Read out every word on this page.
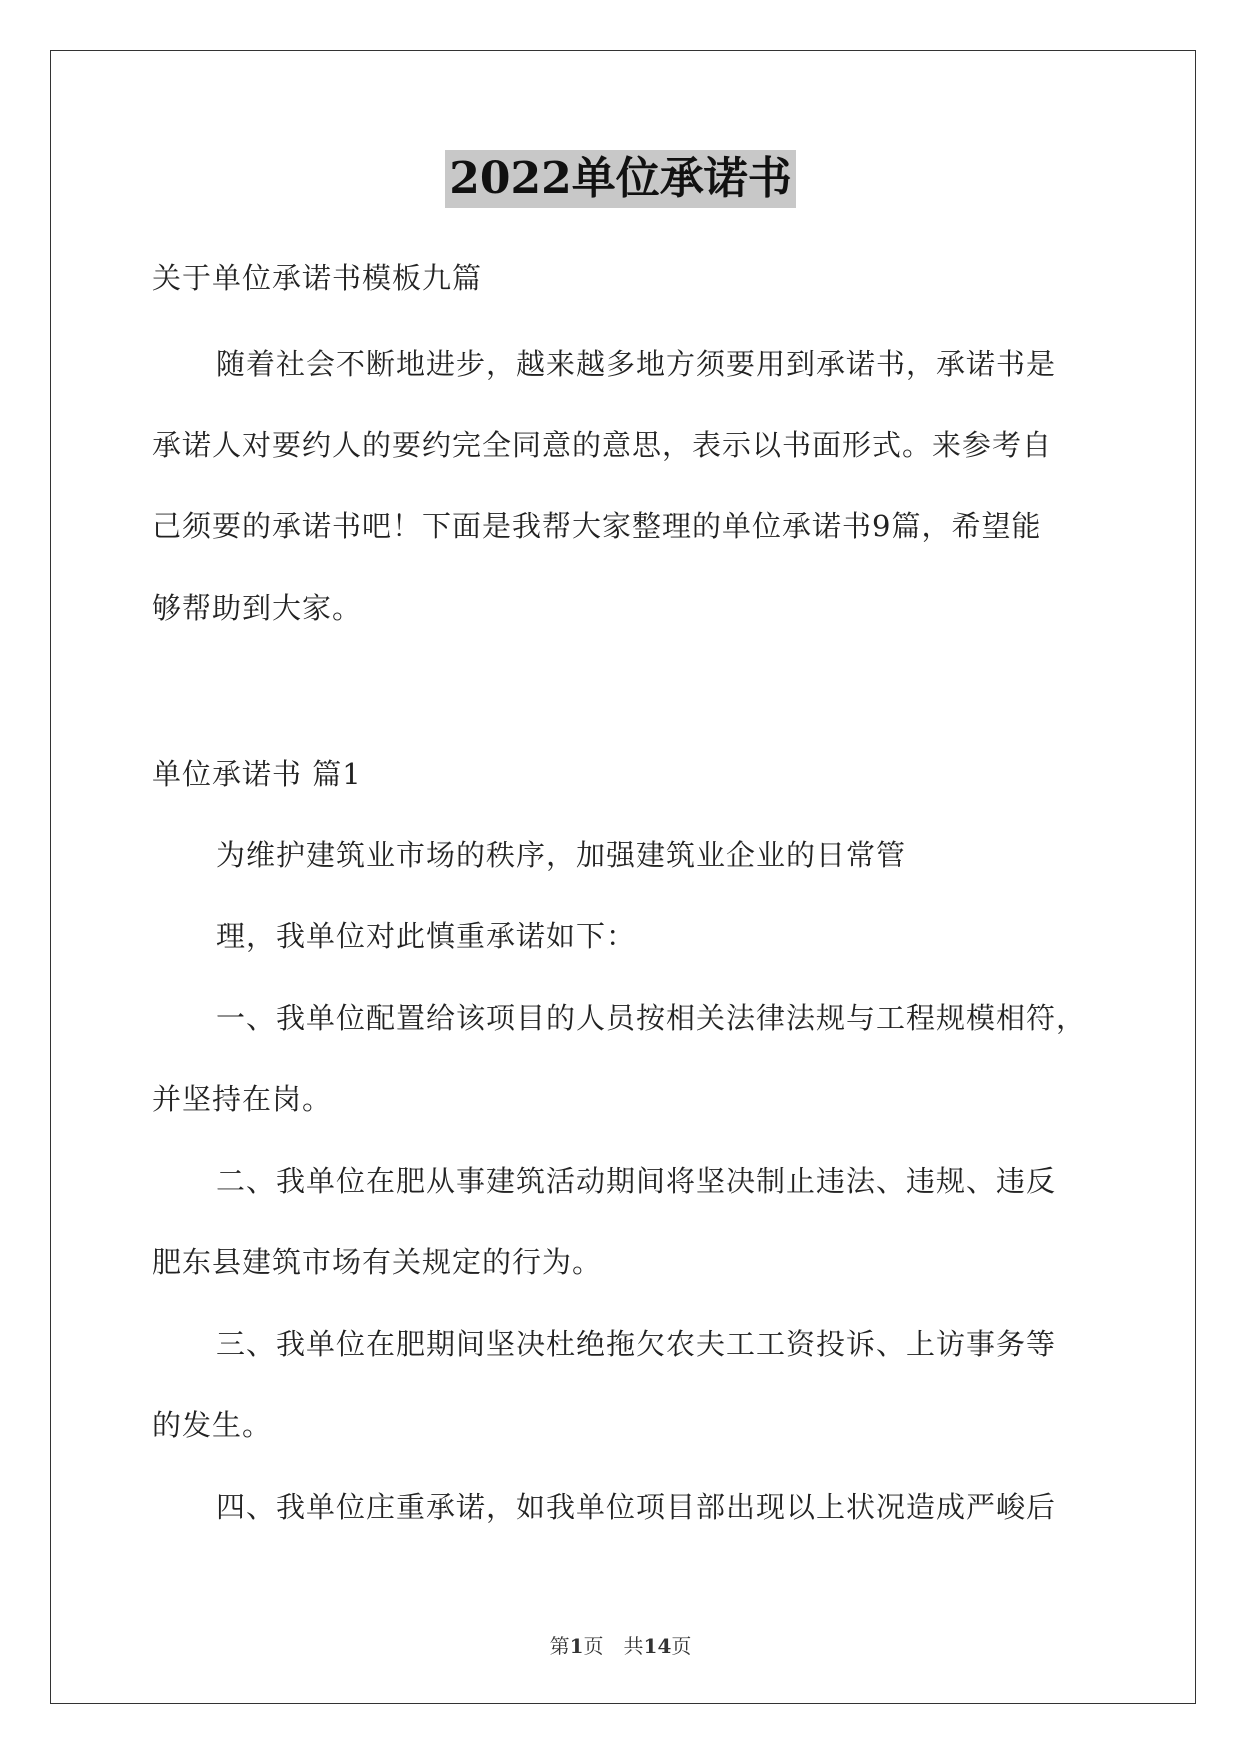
2022单位承诺书
关于单位承诺书模板九篇
随着社会不断地进步，越来越多地方须要用到承诺书，承诺书是
承诺人对要约人的要约完全同意的意思，表示以书面形式。来参考自
己须要的承诺书吧！下面是我帮大家整理的单位承诺书9篇，希望能
够帮助到大家。
单位承诺书 篇1
为维护建筑业市场的秩序，加强建筑业企业的日常管
理，我单位对此慎重承诺如下：
一、我单位配置给该项目的人员按相关法律法规与工程规模相符，
并坚持在岗。
二、我单位在肥从事建筑活动期间将坚决制止违法、违规、违反
肥东县建筑市场有关规定的行为。
三、我单位在肥期间坚决杜绝拖欠农夫工工资投诉、上访事务等
的发生。
四、我单位庄重承诺，如我单位项目部出现以上状况造成严峻后
第1页　共14页
